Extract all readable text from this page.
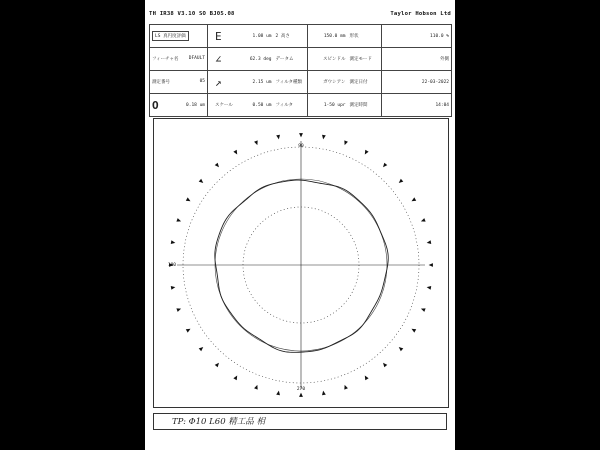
TH IR38 V3.10 SO BJ05.08	Taylor Hobson Ltd
LS 真円度評価	E	1.08 um	2 高さ	150.0 mm	形状	110.0 %
フィーチャ名 DFAULT	∠	62.3 deg	データム	スピンドル	測定モード	外側
測定番号 05	↗	2.15 um	フィルタ種類	ガウシアン	測定日付	22-03-2022
O 0.18 um	スケール	0.50 um	フィルタ	1-50 upr	測定時間	14:04
90
180
270
TP: Φ10 L60 精工品 相
